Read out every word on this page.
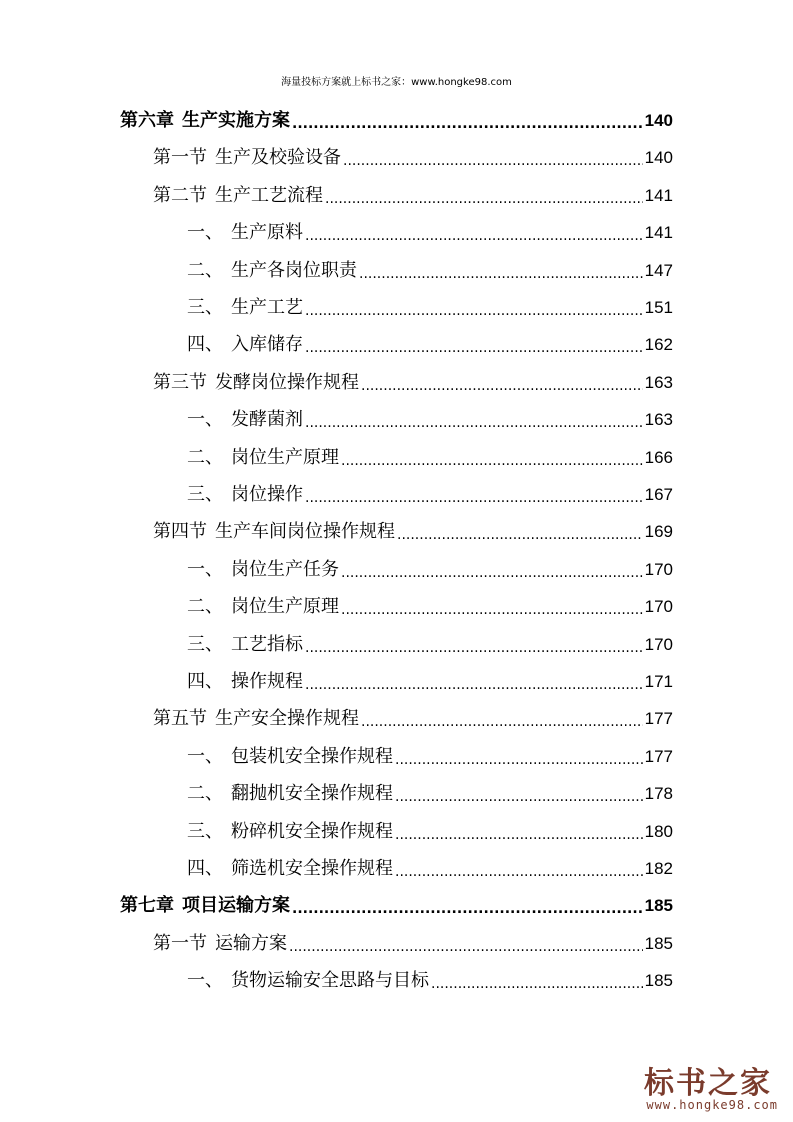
海量投标方案就上标书之家：www.hongke98.com
第六章 生产实施方案 .....	140
第一节 生产及校验设备 .....	140
第二节 生产工艺流程 .....	141
一、 生产原料 .....	141
二、 生产各岗位职责 .....	147
三、 生产工艺 .....	151
四、 入库储存 .....	162
第三节 发酵岗位操作规程 .....	163
一、 发酵菌剂 .....	163
二、 岗位生产原理 .....	166
三、 岗位操作 .....	167
第四节 生产车间岗位操作规程 .....	169
一、 岗位生产任务 .....	170
二、 岗位生产原理 .....	170
三、 工艺指标 .....	170
四、 操作规程 .....	171
第五节 生产安全操作规程 .....	177
一、 包装机安全操作规程 .....	177
二、 翻抛机安全操作规程 .....	178
三、 粉碎机安全操作规程 .....	180
四、 筛选机安全操作规程 .....	182
第七章 项目运输方案 .....	185
第一节 运输方案 .....	185
一、 货物运输安全思路与目标 .....	185
标书之家
www.hongke98.com
